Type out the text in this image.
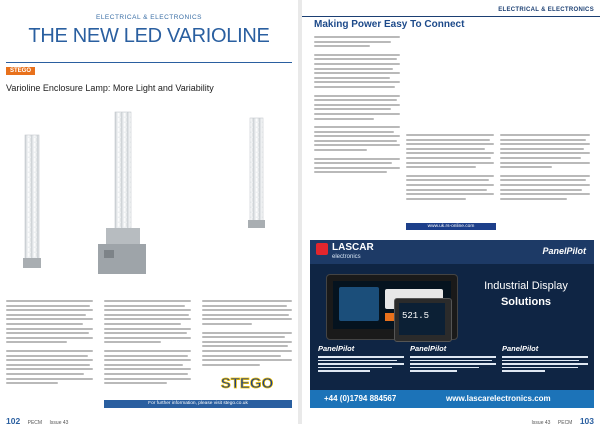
ELECTRICAL & ELECTRONICS
THE NEW LED VARIOLINE
STEGO
Varioline Enclosure Lamp: More Light and Variability
STEGO
For further information, please visit stego.co.uk
102 PECM Issue 43
ELECTRICAL & ELECTRONICS
Making Power Easy To Connect
www.uk.rs-online.com
LASCAR
electronics
PanelPilot
521.5
Industrial Display
Solutions
PanelPilot	PanelPilot	PanelPilot
+44 (0)1794 884567	www.lascarelectronics.com
Issue 43 PECM 103
